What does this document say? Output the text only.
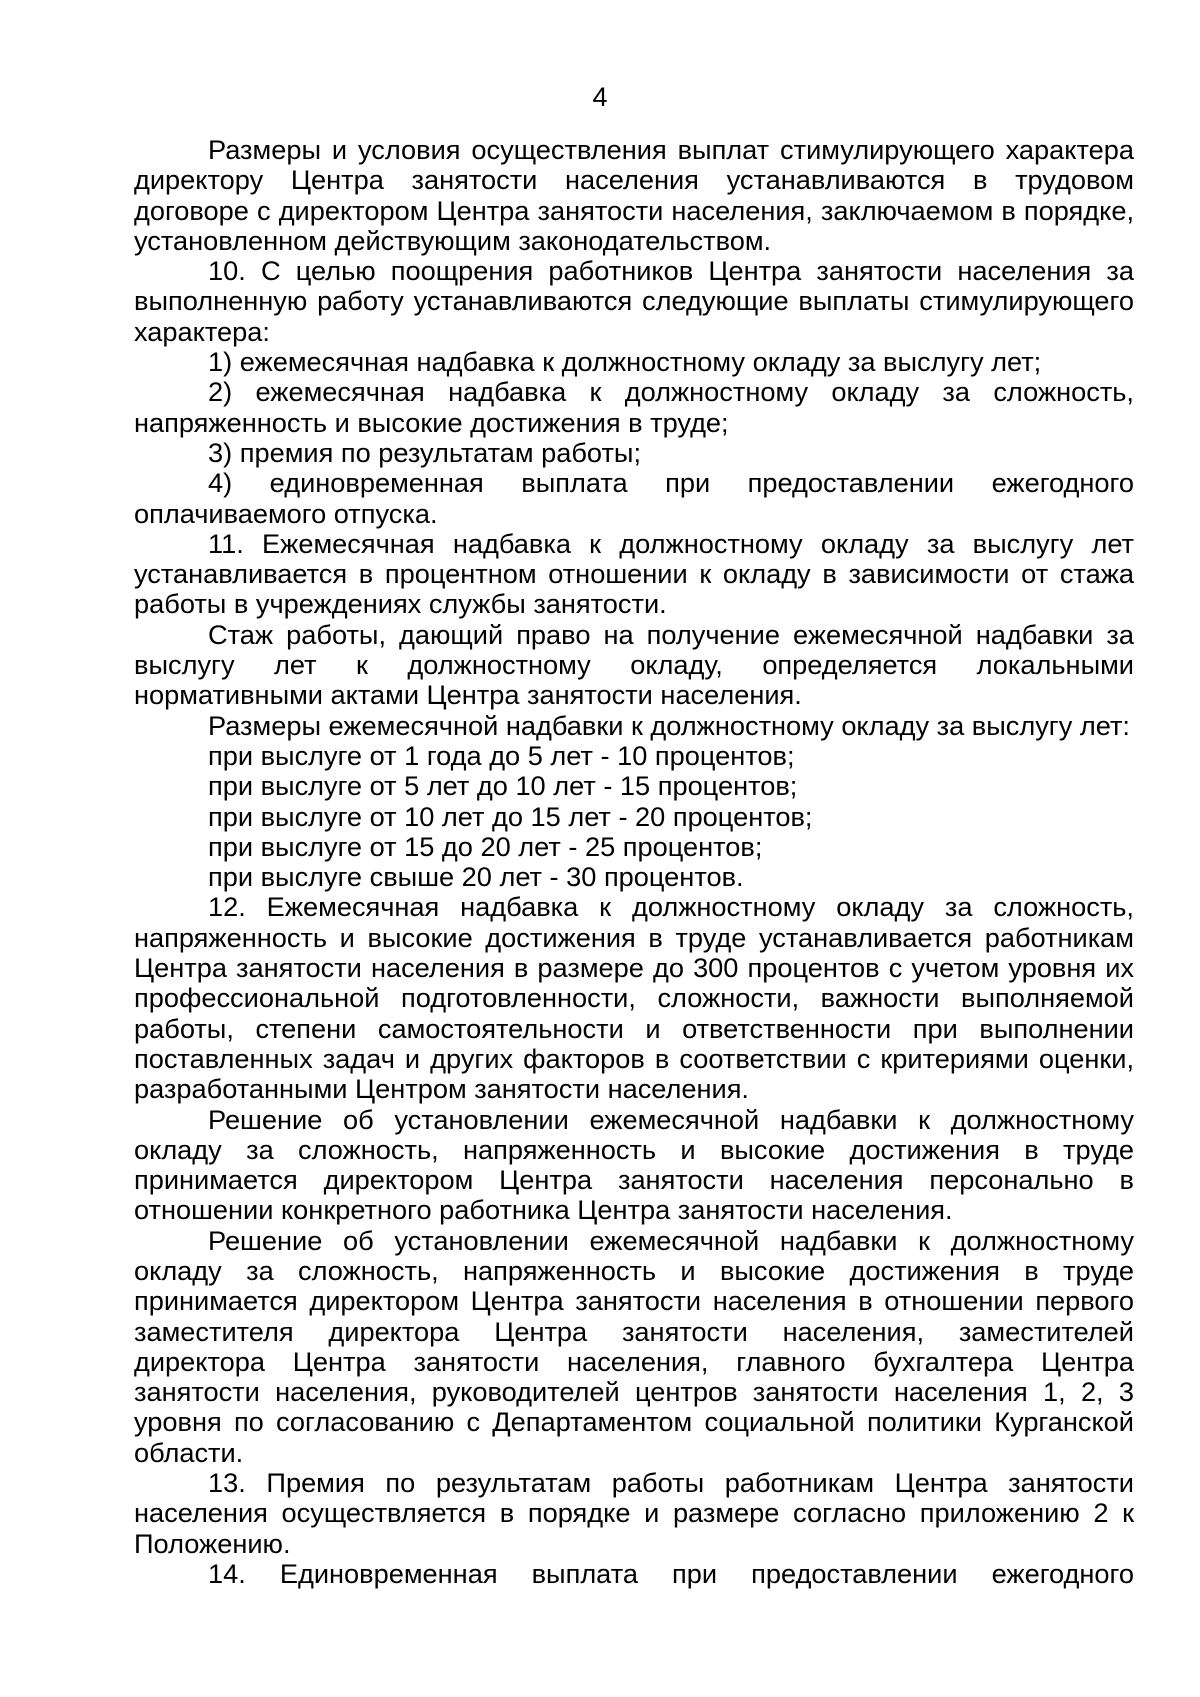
4

Размеры и условия осуществления выплат стимулирующего характера директору Центра занятости населения устанавливаются в трудовом договоре с директором Центра занятости населения, заключаемом в порядке, установленном действующим законодательством.

10. С целью поощрения работников Центра занятости населения за выполненную работу устанавливаются следующие выплаты стимулирующего характера:

1) ежемесячная надбавка к должностному окладу за выслугу лет;

2) ежемесячная надбавка к должностному окладу за сложность, напряженность и высокие достижения в труде;

3) премия по результатам работы;

4) единовременная выплата при предоставлении ежегодного оплачиваемого отпуска.

11. Ежемесячная надбавка к должностному окладу за выслугу лет устанавливается в процентном отношении к окладу в зависимости от стажа работы в учреждениях службы занятости.

Стаж работы, дающий право на получение ежемесячной надбавки за выслугу лет к должностному окладу, определяется локальными нормативными актами Центра занятости населения.

Размеры ежемесячной надбавки к должностному окладу за выслугу лет:

при выслуге от 1 года до 5 лет - 10 процентов;

при выслуге от 5 лет до 10 лет - 15 процентов;

при выслуге от 10 лет до 15 лет - 20 процентов;

при выслуге от 15 до 20 лет - 25 процентов;

при выслуге свыше 20 лет - 30 процентов.

12. Ежемесячная надбавка к должностному окладу за сложность, напряженность и высокие достижения в труде устанавливается работникам Центра занятости населения в размере до 300 процентов с учетом уровня их профессиональной подготовленности, сложности, важности выполняемой работы, степени самостоятельности и ответственности при выполнении поставленных задач и других факторов в соответствии с критериями оценки, разработанными Центром занятости населения.

Решение об установлении ежемесячной надбавки к должностному окладу за сложность, напряженность и высокие достижения в труде принимается директором Центра занятости населения персонально в отношении конкретного работника Центра занятости населения.

Решение об установлении ежемесячной надбавки к должностному окладу за сложность, напряженность и высокие достижения в труде принимается директором Центра занятости населения в отношении первого заместителя директора Центра занятости населения, заместителей директора Центра занятости населения, главного бухгалтера Центра занятости населения, руководителей центров занятости населения 1, 2, 3 уровня по согласованию с Департаментом социальной политики Курганской области.

13. Премия по результатам работы работникам Центра занятости населения осуществляется в порядке и размере согласно приложению 2 к Положению.

14. Единовременная выплата при предоставлении ежегодного
